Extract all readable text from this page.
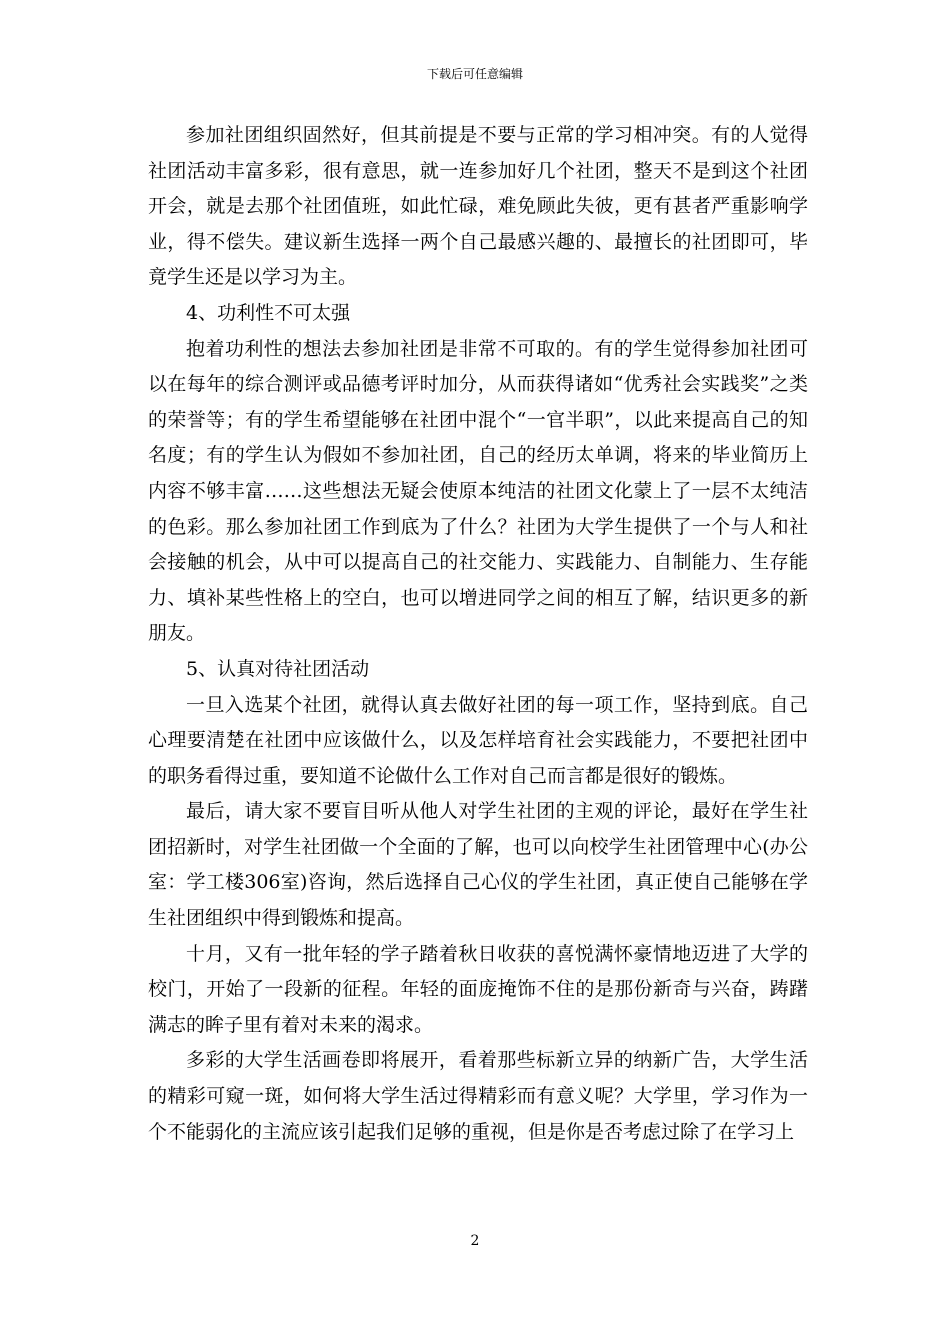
下载后可任意编辑

参加社团组织固然好，但其前提是不要与正常的学习相冲突。有的人觉得社团活动丰富多彩，很有意思，就一连参加好几个社团，整天不是到这个社团开会，就是去那个社团值班，如此忙碌，难免顾此失彼，更有甚者严重影响学业，得不偿失。建议新生选择一两个自己最感兴趣的、最擅长的社团即可，毕竟学生还是以学习为主。

4、功利性不可太强

抱着功利性的想法去参加社团是非常不可取的。有的学生觉得参加社团可以在每年的综合测评或品德考评时加分，从而获得诸如“优秀社会实践奖”之类的荣誉等；有的学生希望能够在社团中混个“一官半职”，以此来提高自己的知名度；有的学生认为假如不参加社团，自己的经历太单调，将来的毕业简历上内容不够丰富……这些想法无疑会使原本纯洁的社团文化蒙上了一层不太纯洁的色彩。那么参加社团工作到底为了什么？社团为大学生提供了一个与人和社会接触的机会，从中可以提高自己的社交能力、实践能力、自制能力、生存能力、填补某些性格上的空白，也可以增进同学之间的相互了解，结识更多的新朋友。

5、认真对待社团活动

一旦入选某个社团，就得认真去做好社团的每一项工作，坚持到底。自己心理要清楚在社团中应该做什么，以及怎样培育社会实践能力，不要把社团中的职务看得过重，要知道不论做什么工作对自己而言都是很好的锻炼。

最后，请大家不要盲目听从他人对学生社团的主观的评论，最好在学生社团招新时，对学生社团做一个全面的了解，也可以向校学生社团管理中心(办公室：学工楼306室)咨询，然后选择自己心仪的学生社团，真正使自己能够在学生社团组织中得到锻炼和提高。

十月，又有一批年轻的学子踏着秋日收获的喜悦满怀豪情地迈进了大学的校门，开始了一段新的征程。年轻的面庞掩饰不住的是那份新奇与兴奋，踌躇满志的眸子里有着对未来的渴求。

多彩的大学生活画卷即将展开，看着那些标新立异的纳新广告，大学生活的精彩可窥一斑，如何将大学生活过得精彩而有意义呢？大学里，学习作为一个不能弱化的主流应该引起我们足够的重视，但是你是否考虑过除了在学习上

2
